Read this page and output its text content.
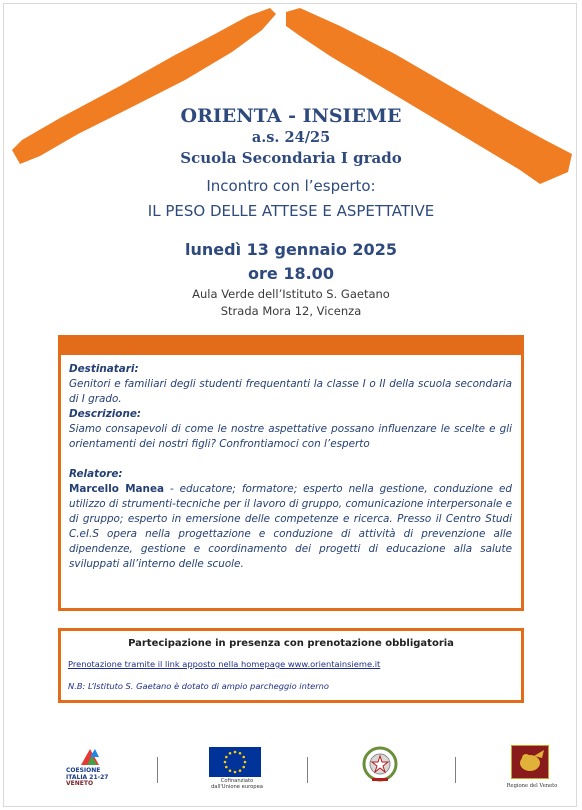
ORIENTA - INSIEME
a.s. 24/25
Scuola Secondaria I grado
Incontro con l’esperto:
IL PESO DELLE ATTESE E ASPETTATIVE
lunedì 13 gennaio 2025
ore 18.00
Aula Verde dell’Istituto S. Gaetano
Strada Mora 12, Vicenza

Destinatari:

Genitori e familiari degli studenti frequentanti la classe I o II della scuola secondaria di I grado.

Descrizione:

Siamo consapevoli di come le nostre aspettative possano influenzare le scelte e gli orientamenti dei nostri figli? Confrontiamoci con l’esperto

Relatore:

Marcello Manea - educatore; formatore; esperto nella gestione, conduzione ed utilizzo di strumenti-tecniche per il lavoro di gruppo, comunicazione interpersonale e di gruppo; esperto in emersione delle competenze e ricerca. Presso il Centro Studi C.eI.S opera nella progettazione e conduzione di attività di prevenzione alle dipendenze, gestione e coordinamento dei progetti di educazione alla salute sviluppati all’interno delle scuole.

Partecipazione in presenza con prenotazione obbligatoria
Prenotazione tramite il link apposto nella homepage www.orientainsieme.it
N.B: L’Istituto S. Gaetano è dotato di ampio parcheggio interno
COESIONE
ITALIA 21-27
VENETO	Cofinanziato
dall'Unione europea	Regione del Veneto
